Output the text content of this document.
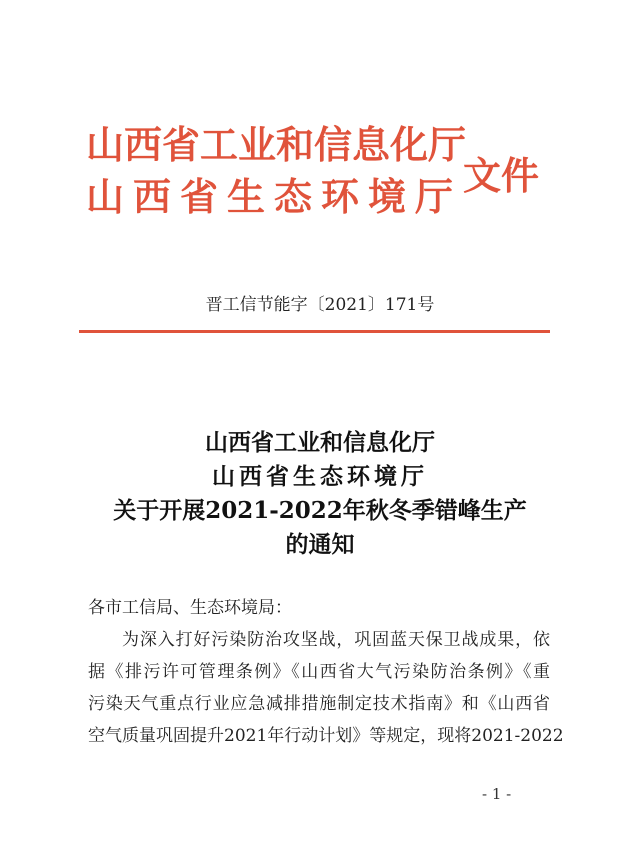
山西省工业和信息化厅
山西省生态环境厅 文件
晋工信节能字〔2021〕171号
山西省工业和信息化厅
山西省生态环境厅
关于开展2021-2022年秋冬季错峰生产
的通知
各市工信局、生态环境局：
为深入打好污染防治攻坚战，巩固蓝天保卫战成果，依
据《排污许可管理条例》《山西省大气污染防治条例》《重
污染天气重点行业应急减排措施制定技术指南》和《山西省
空气质量巩固提升2021年行动计划》等规定，现将2021-2022
- 1 -
